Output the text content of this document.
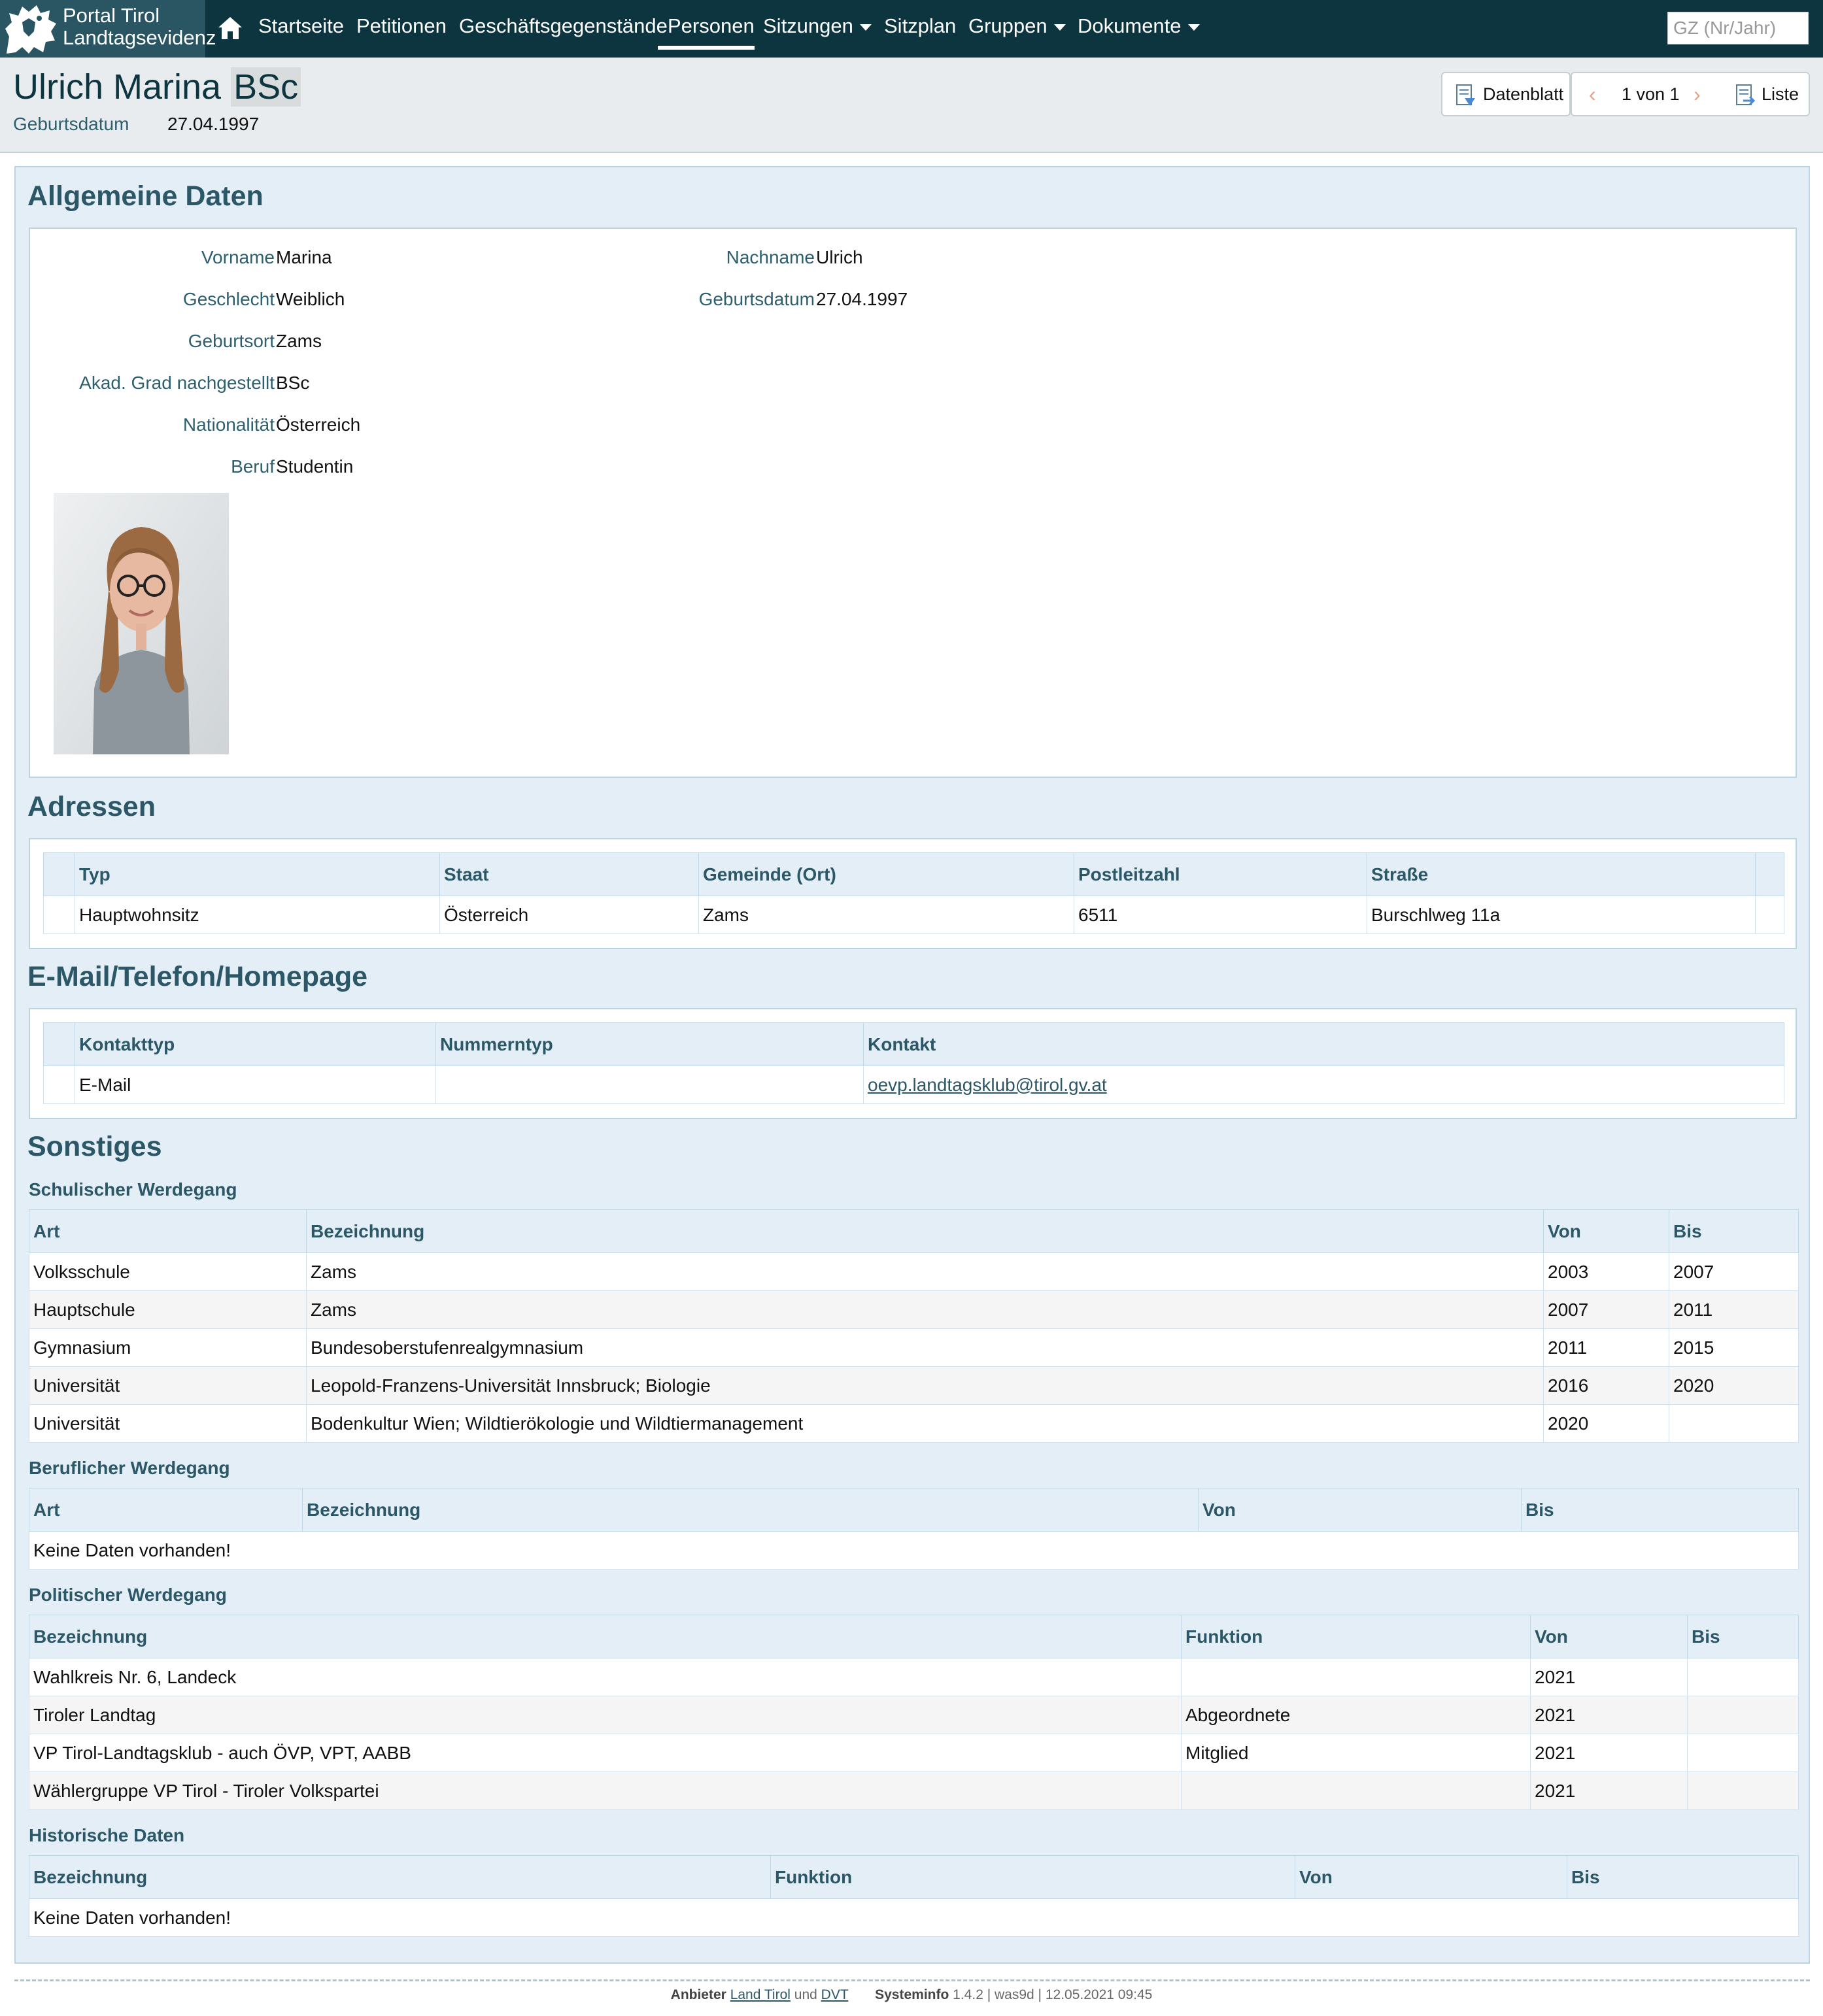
Portal Tirol
Landtagsevidenz
Startseite Petitionen Geschäftsgegenstände Personen Sitzungen	Sitzplan Gruppen	Dokumente
GZ (Nr/Jahr)
Ulrich Marina BSc
Geburtsdatum 27.04.1997
Datenblatt ‹ 1 von 1 ›	Liste
Allgemeine Daten
Vorname Marina
Geschlecht Weiblich
Geburtsort Zams
Akad. Grad nachgestellt BSc
Nationalität Österreich
Beruf Studentin
Nachname Ulrich
Geburtsdatum 27.04.1997
Adressen
	Typ	Staat	Gemeinde (Ort)	Postleitzahl	Straße	
	Hauptwohnsitz	Österreich	Zams	6511	Burschlweg 11a	
E-Mail/Telefon/Homepage
	Kontakttyp	Nummerntyp	Kontakt
	E-Mail		oevp.landtagsklub@tirol.gv.at
Sonstiges
Schulischer Werdegang
Art	Bezeichnung	Von	Bis
Volksschule	Zams	2003	2007
Hauptschule	Zams	2007	2011
Gymnasium	Bundesoberstufenrealgymnasium	2011	2015
Universität	Leopold-Franzens-Universität Innsbruck; Biologie	2016	2020
Universität	Bodenkultur Wien; Wildtierökologie und Wildtiermanagement	2020	
Beruflicher Werdegang
Art	Bezeichnung	Von	Bis
Keine Daten vorhanden!
Politischer Werdegang
Bezeichnung	Funktion	Von	Bis
Wahlkreis Nr. 6, Landeck		2021	
Tiroler Landtag	Abgeordnete	2021	
VP Tirol-Landtagsklub - auch ÖVP, VPT, AABB	Mitglied	2021	
Wählergruppe VP Tirol - Tiroler Volkspartei		2021	
Historische Daten
Bezeichnung	Funktion	Von	Bis
Keine Daten vorhanden!
Anbieter Land Tirol und DVT Systeminfo 1.4.2 | was9d | 12.05.2021 09:45
